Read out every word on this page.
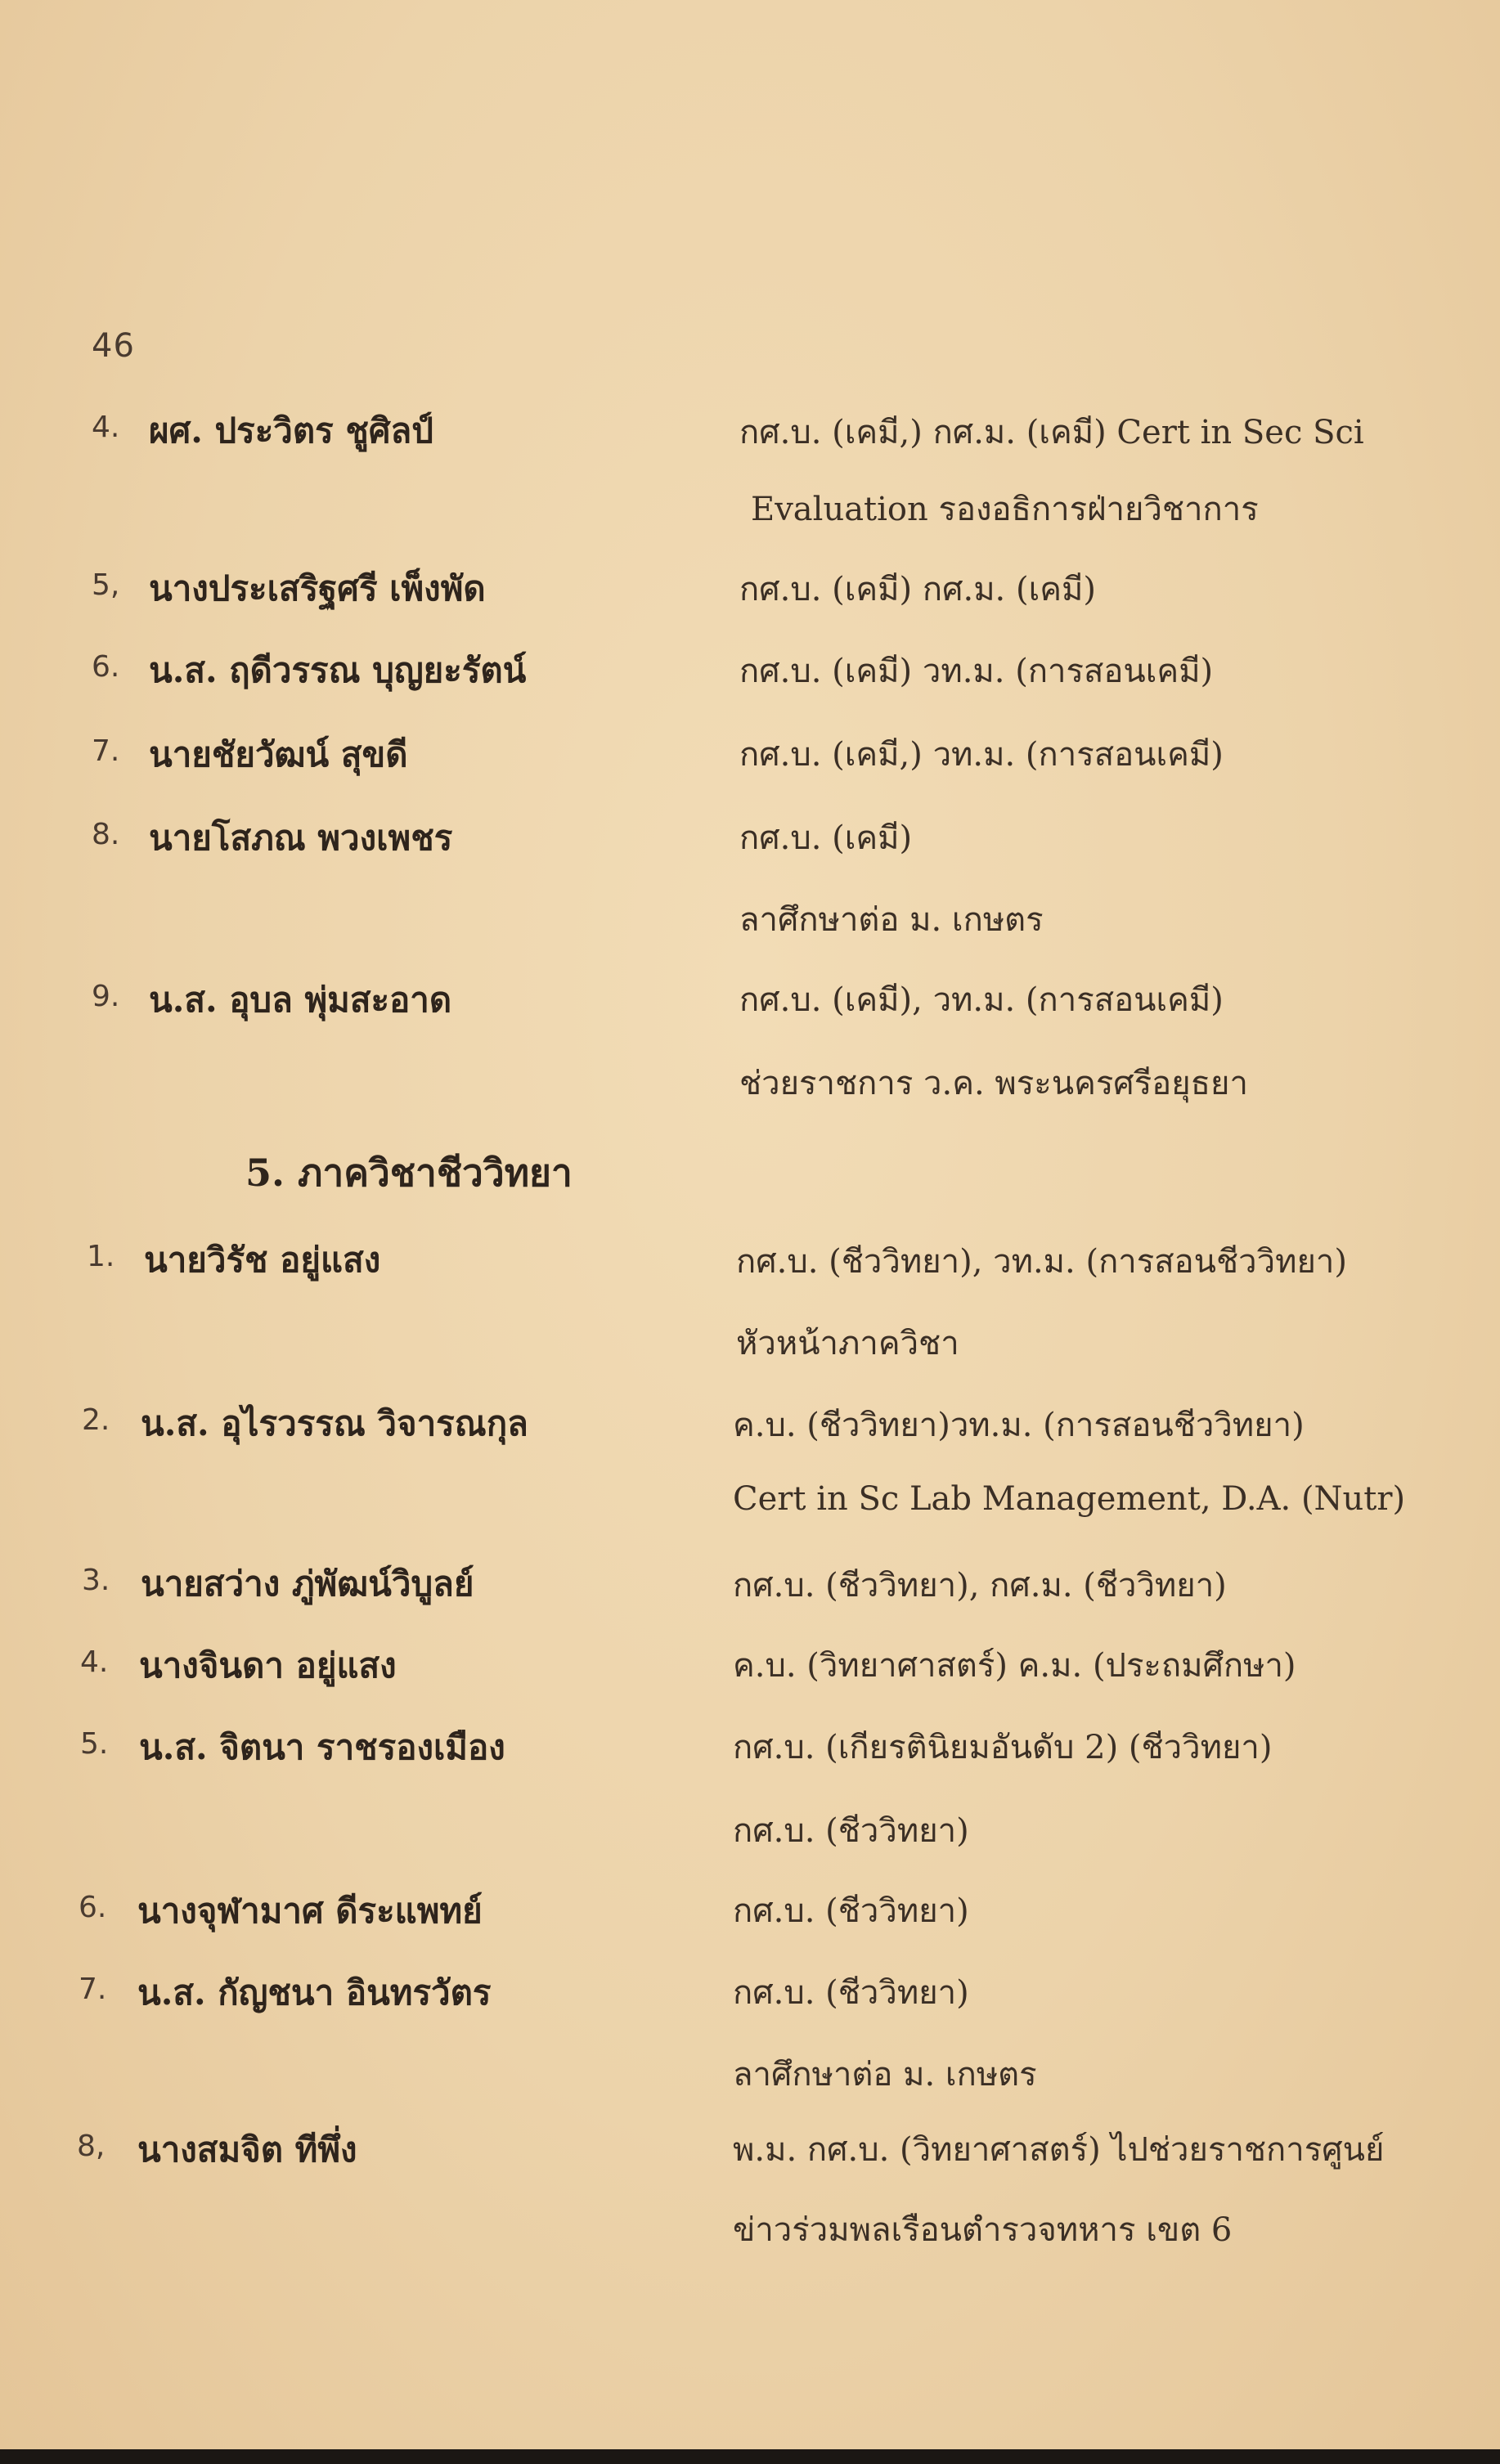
46
4. ผศ. ประวิตร ชูศิลป์	กศ.บ. (เคมี,) กศ.ม. (เคมี) Cert in Sec Sci
Evaluation รองอธิการฝ่ายวิชาการ
5, นางประเสริฐศรี เพ็งพัด	กศ.บ. (เคมี) กศ.ม. (เคมี)
6. น.ส. ฤดีวรรณ บุญยะรัตน์	กศ.บ. (เคมี) วท.ม. (การสอนเคมี)
7. นายชัยวัฒน์ สุขดี	กศ.บ. (เคมี,) วท.ม. (การสอนเคมี)
8. นายโสภณ พวงเพชร	กศ.บ. (เคมี)
ลาศึกษาต่อ ม. เกษตร
9. น.ส. อุบล พุ่มสะอาด	กศ.บ. (เคมี), วท.ม. (การสอนเคมี)
ช่วยราชการ ว.ค. พระนครศรีอยุธยา
5. ภาควิชาชีววิทยา
1. นายวิรัช อยู่แสง	กศ.บ. (ชีววิทยา), วท.ม. (การสอนชีววิทยา)
หัวหน้าภาควิชา
2. น.ส. อุไรวรรณ วิจารณกุล	ค.บ. (ชีววิทยา)วท.ม. (การสอนชีววิทยา)
Cert in Sc Lab Management, D.A. (Nutr)
3. นายสว่าง ภู่พัฒน์วิบูลย์	กศ.บ. (ชีววิทยา), กศ.ม. (ชีววิทยา)
4. นางจินดา อยู่แสง	ค.บ. (วิทยาศาสตร์) ค.ม. (ประถมศึกษา)
5. น.ส. จิตนา ราชรองเมือง	กศ.บ. (เกียรตินิยมอันดับ 2) (ชีววิทยา)
กศ.บ. (ชีววิทยา)
6. นางจุฬามาศ ดีระแพทย์	กศ.บ. (ชีววิทยา)
7. น.ส. กัญชนา อินทรวัตร	กศ.บ. (ชีววิทยา)
ลาศึกษาต่อ ม. เกษตร
8, นางสมจิต ทีพึ่ง	พ.ม. กศ.บ. (วิทยาศาสตร์) ไปช่วยราชการศูนย์
ข่าวร่วมพลเรือนตำรวจทหาร เขต 6
